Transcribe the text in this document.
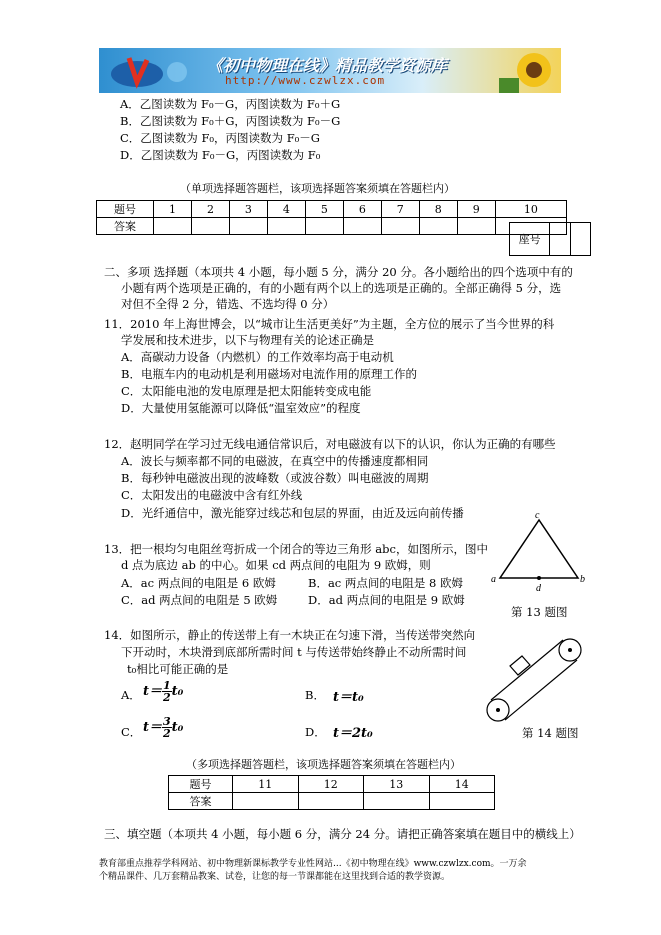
《初中物理在线》精品教学资源库
http://www.czwlzx.com
A．乙图读数为 F₀－G，丙图读数为 F₀＋G
B．乙图读数为 F₀＋G，丙图读数为 F₀－G
C．乙图读数为 F₀，丙图读数为 F₀－G
D．乙图读数为 F₀－G，丙图读数为 F₀
（单项选择题答题栏，该项选择题答案须填在答题栏内）
题号	1	2	3	4	5	6	7	8	9	10
答案										
座号		
二、多项 选择题（本项共 4 小题，每小题 5 分，满分 20 分。各小题给出的四个选项中有的
小题有两个选项是正确的，有的小题有两个以上的选项是正确的。全部正确得 5 分，选
对但不全得 2 分，错选、不选均得 0 分）
11．2010 年上海世博会，以“城市让生活更美好”为主题，全方位的展示了当今世界的科
学发展和技术进步，以下与物理有关的论述正确是
A．高碳动力设备（内燃机）的工作效率均高于电动机
B．电瓶车内的电动机是利用磁场对电流作用的原理工作的
C．太阳能电池的发电原理是把太阳能转变成电能
D．大量使用氢能源可以降低“温室效应”的程度
12．赵明同学在学习过无线电通信常识后，对电磁波有以下的认识，你认为正确的有哪些
A．波长与频率都不同的电磁波，在真空中的传播速度都相同
B．每秒钟电磁波出现的波峰数（或波谷数）叫电磁波的周期
C．太阳发出的电磁波中含有红外线
D．光纤通信中，激光能穿过线芯和包层的界面，由近及远向前传播
13．把一根均匀电阻丝弯折成一个闭合的等边三角形 abc，如图所示，图中
d 点为底边 ab 的中心。如果 cd 两点间的电阻为 9 欧姆，则
A．ac 两点间的电阻是 6 欧姆	B．ac 两点间的电阻是 8 欧姆
C．ad 两点间的电阻是 5 欧姆	D．ad 两点间的电阻是 9 欧姆
c
a	b
d
第 13 题图
14．如图所示，静止的传送带上有一木块正在匀速下滑，当传送带突然向
下开动时，木块滑到底部所需时间 t 与传送带始终静止不动所需时间
t₀相比可能正确的是
A． $t= \frac{1}{2} t_0$	B． t＝t₀
C． $t= \frac{3}{2} t_0$	D． t＝2t₀	第 14 题图
（多项选择题答题栏，该项选择题答案须填在答题栏内）
题号	11	12	13	14
答案				
三、填空题（本项共 4 小题，每小题 6 分，满分 24 分。请把正确答案填在题目中的横线上）
教育部重点推荐学科网站、初中物理新课标教学专业性网站...《初中物理在线》www.czwlzx.com。一万余
个精品课件、几万套精品教案、试卷，让您的每一节课都能在这里找到合适的教学资源。
